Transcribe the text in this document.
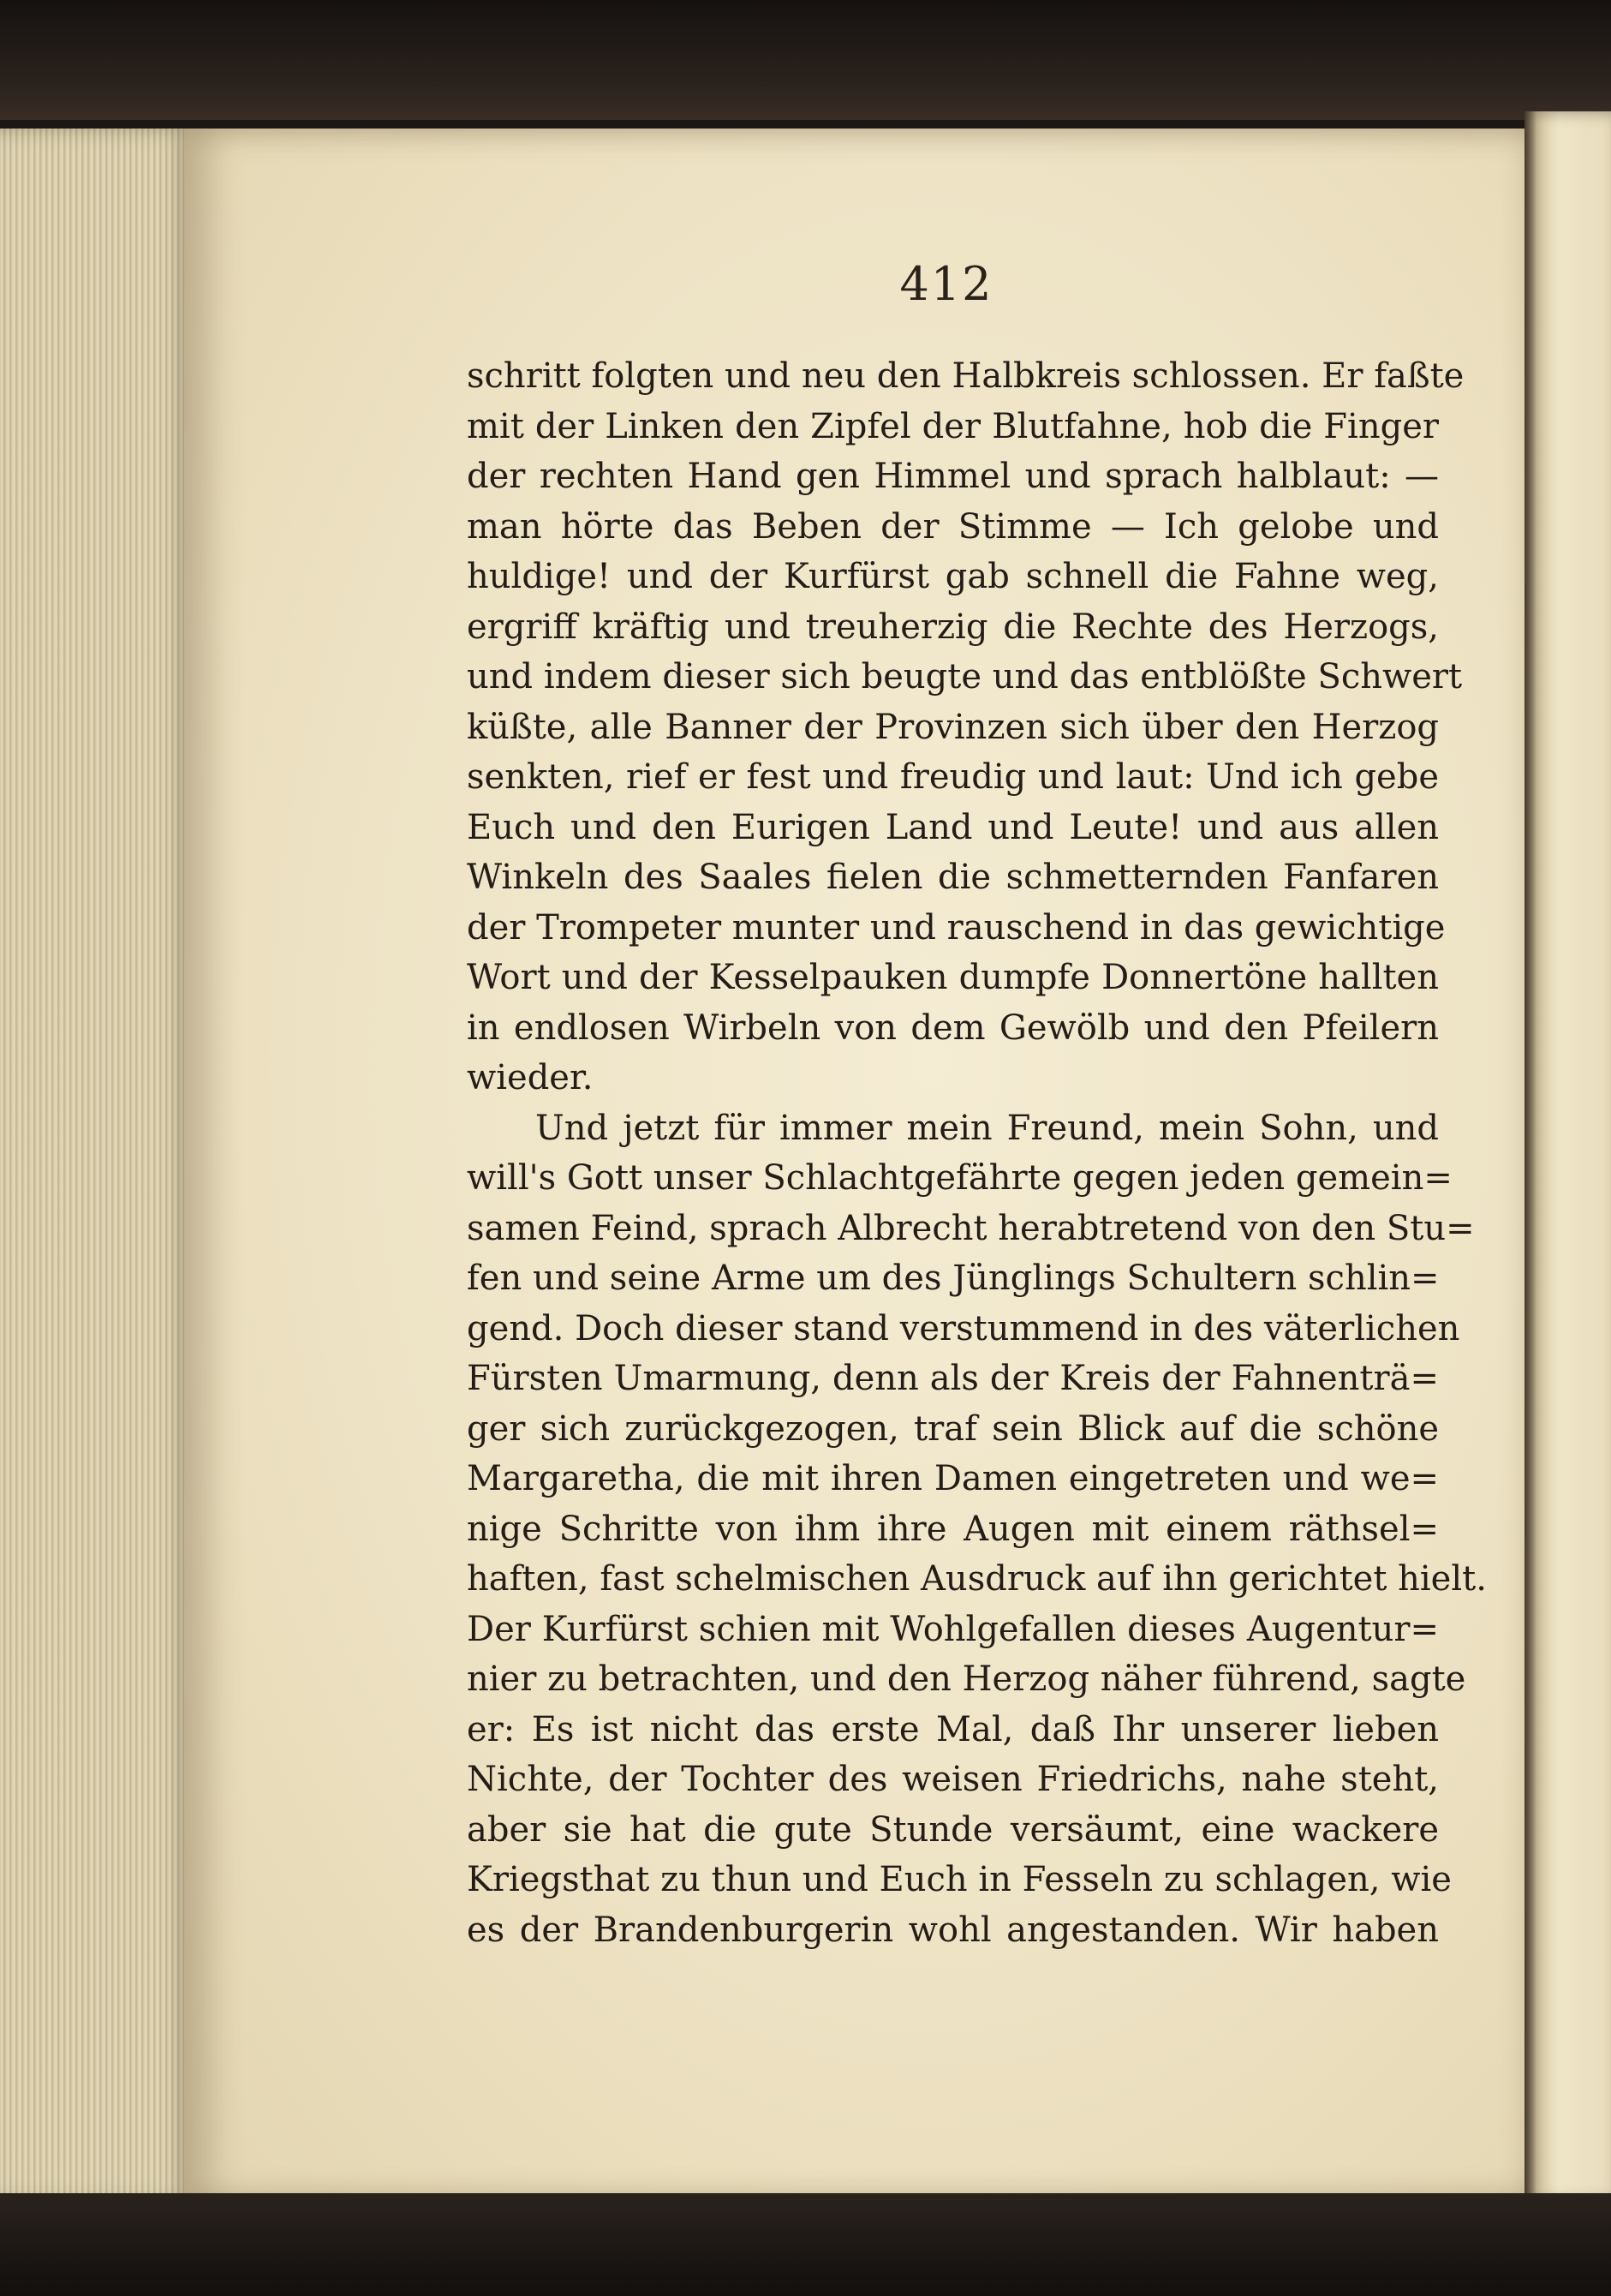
412
schritt folgten und neu den Halbkreis schlossen. Er faßte
mit der Linken den Zipfel der Blutfahne, hob die Finger
der rechten Hand gen Himmel und sprach halblaut: —
man hörte das Beben der Stimme — Ich gelobe und
huldige! und der Kurfürst gab schnell die Fahne weg,
ergriff kräftig und treuherzig die Rechte des Herzogs,
und indem dieser sich beugte und das entblößte Schwert
küßte, alle Banner der Provinzen sich über den Herzog
senkten, rief er fest und freudig und laut: Und ich gebe
Euch und den Eurigen Land und Leute! und aus allen
Winkeln des Saales fielen die schmetternden Fanfaren
der Trompeter munter und rauschend in das gewichtige
Wort und der Kesselpauken dumpfe Donnertöne hallten
in endlosen Wirbeln von dem Gewölb und den Pfeilern
wieder.
Und jetzt für immer mein Freund, mein Sohn, und
will's Gott unser Schlachtgefährte gegen jeden gemein=
samen Feind, sprach Albrecht herabtretend von den Stu=
fen und seine Arme um des Jünglings Schultern schlin=
gend. Doch dieser stand verstummend in des väterlichen
Fürsten Umarmung, denn als der Kreis der Fahnenträ=
ger sich zurückgezogen, traf sein Blick auf die schöne
Margaretha, die mit ihren Damen eingetreten und we=
nige Schritte von ihm ihre Augen mit einem räthsel=
haften, fast schelmischen Ausdruck auf ihn gerichtet hielt.
Der Kurfürst schien mit Wohlgefallen dieses Augentur=
nier zu betrachten, und den Herzog näher führend, sagte
er: Es ist nicht das erste Mal, daß Ihr unserer lieben
Nichte, der Tochter des weisen Friedrichs, nahe steht,
aber sie hat die gute Stunde versäumt, eine wackere
Kriegsthat zu thun und Euch in Fesseln zu schlagen, wie
es der Brandenburgerin wohl angestanden. Wir haben
